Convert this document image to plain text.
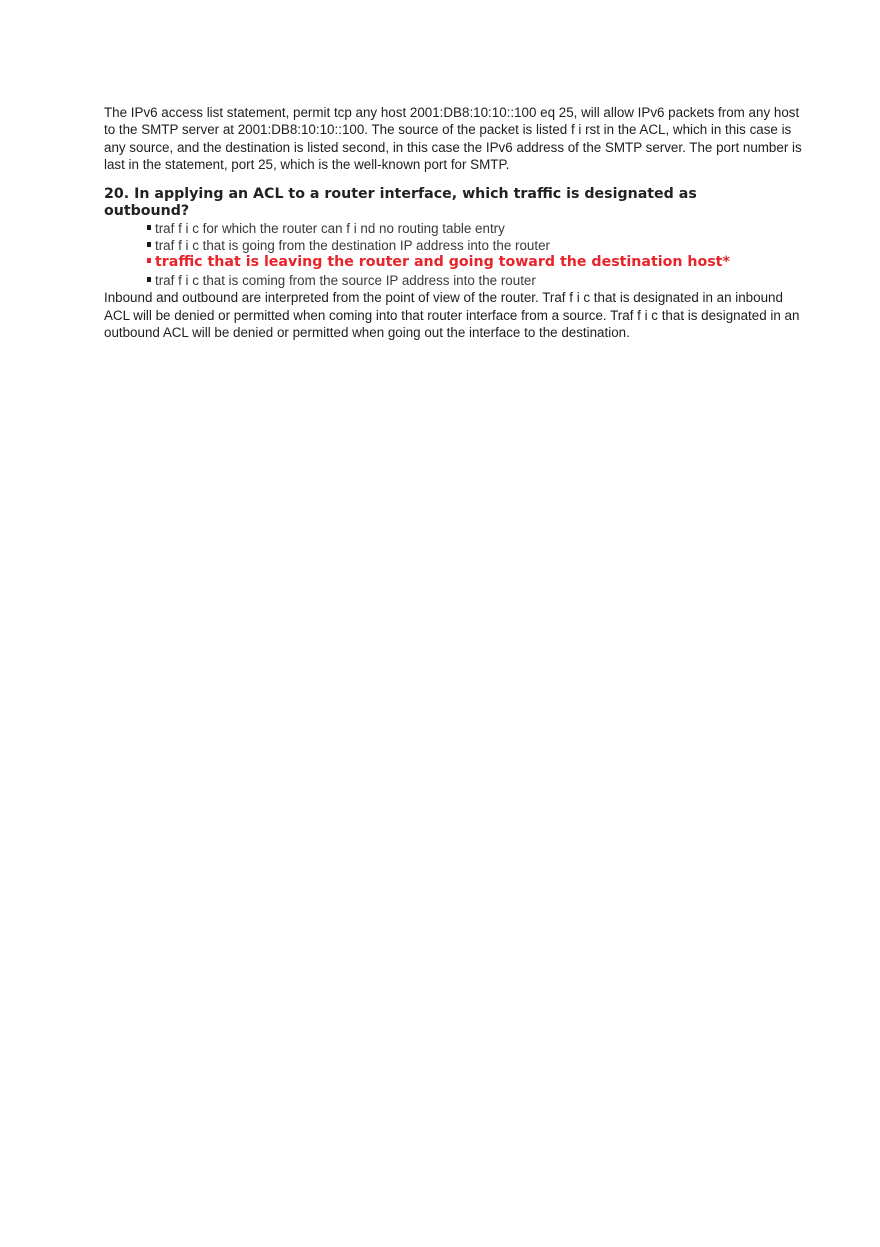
The IPv6 access list statement, permit tcp any host 2001:DB8:10:10::100 eq 25, will allow IPv6 packets from any host to the SMTP server at 2001:DB8:10:10::100. The source of the packet is listed f i rst in the ACL, which in this case is any source, and the destination is listed second, in this case the IPv6 address of the SMTP server. The port number is last in the statement, port 25, which is the well-known port for SMTP.

20. In applying an ACL to a router interface, which traffic is designated as outbound?
traf f i c for which the router can f i nd no routing table entry
traf f i c that is going from the destination IP address into the router
traffic that is leaving the router and going toward the destination host*
traf f i c that is coming from the source IP address into the router

Inbound and outbound are interpreted from the point of view of the router. Traf f i c that is designated in an inbound ACL will be denied or permitted when coming into that router interface from a source. Traf f i c that is designated in an outbound ACL will be denied or permitted when going out the interface to the destination.
